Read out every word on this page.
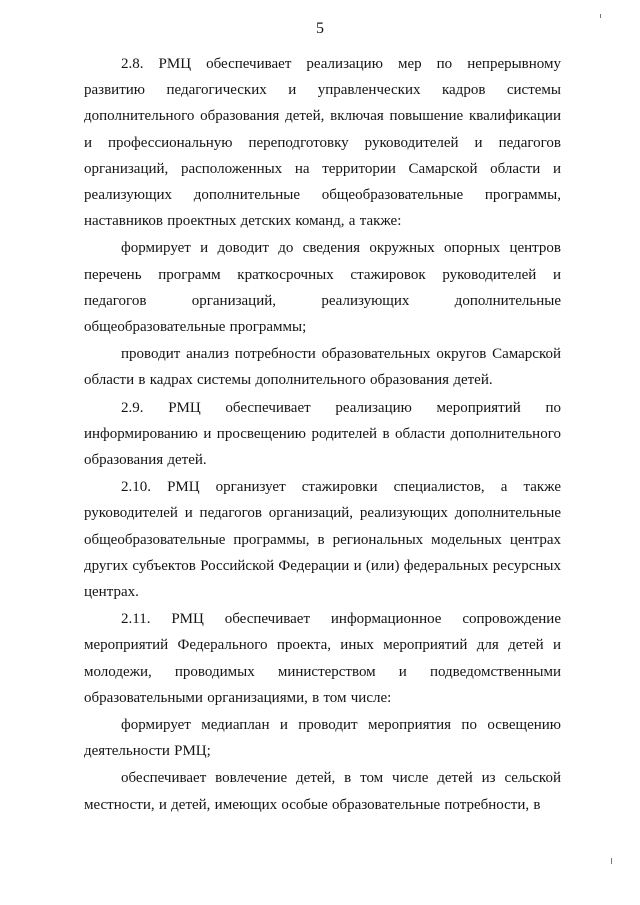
5

2.8. РМЦ обеспечивает реализацию мер по непрерывному развитию педагогических и управленческих кадров системы дополнительного образования детей, включая повышение квалификации и профессиональную переподготовку руководителей и педагогов организаций, расположенных на территории Самарской области и реализующих дополнительные общеобразовательные программы, наставников проектных детских команд, а также:

формирует и доводит до сведения окружных опорных центров перечень программ краткосрочных стажировок руководителей и педагогов организаций, реализующих дополнительные общеобразовательные программы;

проводит анализ потребности образовательных округов Самарской области в кадрах системы дополнительного образования детей.

2.9. РМЦ обеспечивает реализацию мероприятий по информированию и просвещению родителей в области дополнительного образования детей.

2.10. РМЦ организует стажировки специалистов, а также руководителей и педагогов организаций, реализующих дополнительные общеобразовательные программы, в региональных модельных центрах других субъектов Российской Федерации и (или) федеральных ресурсных центрах.

2.11. РМЦ обеспечивает информационное сопровождение мероприятий Федерального проекта, иных мероприятий для детей и молодежи, проводимых министерством и подведомственными образовательными организациями, в том числе:

формирует медиаплан и проводит мероприятия по освещению деятельности РМЦ;

обеспечивает вовлечение детей, в том числе детей из сельской местности, и детей, имеющих особые образовательные потребности, в
